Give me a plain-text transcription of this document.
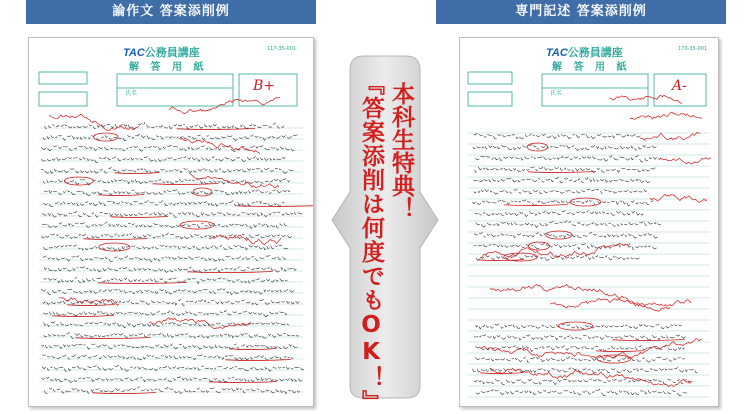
論作文 答案添削例	専門記述 答案添削例
TAC公務員講座
解 答 用 紙
117-35-001
氏名	B+
TAC公務員講座
解 答 用 紙
170-35-001
氏名	A-
本科生特典！
『答案添削は何度でもOK！』
